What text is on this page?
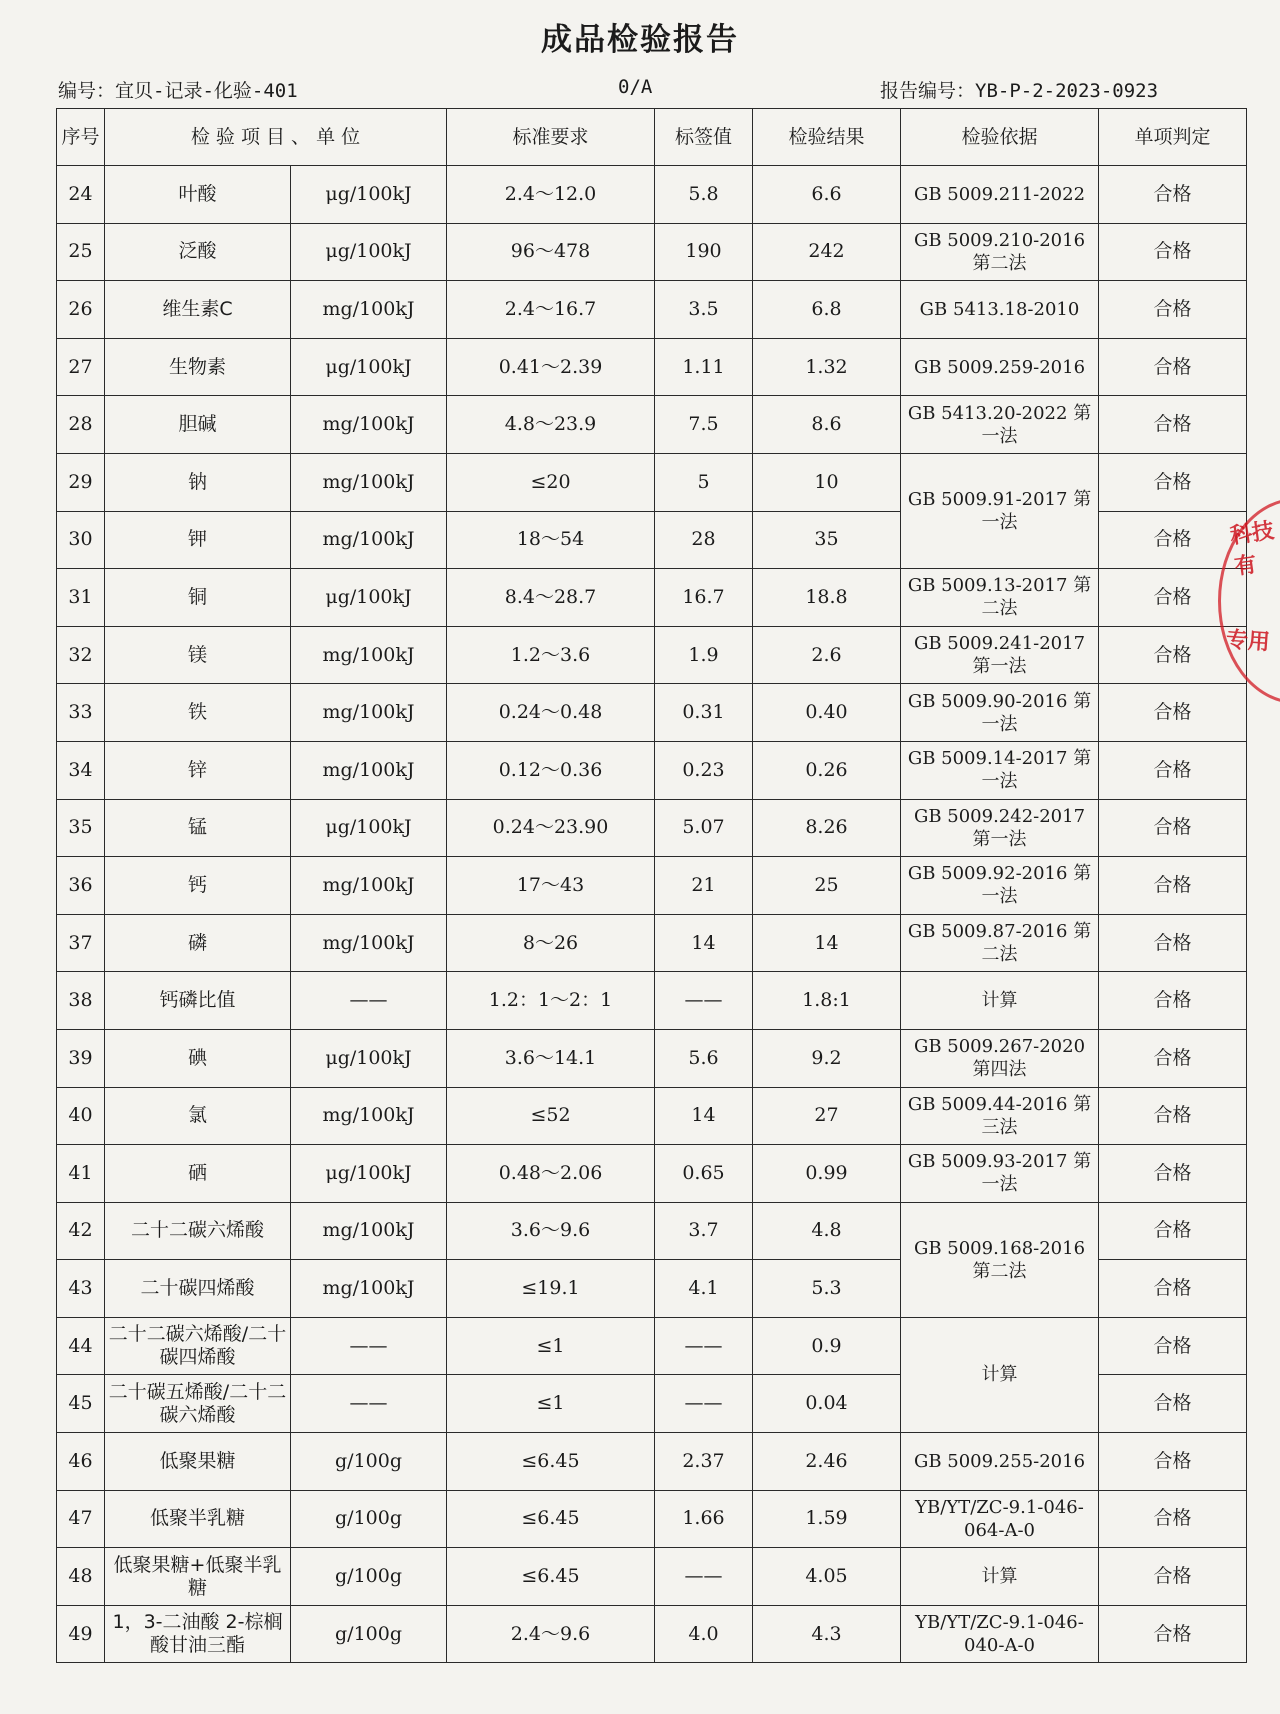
成品检验报告
编号：宜贝-记录-化验-401	0/A	报告编号：YB-P-2-2023-0923
序号	检 验 项 目 、 单 位		标准要求	标签值	检验结果	检验依据	单项判定
24	叶酸	μg/100kJ	2.4～12.0	5.8	6.6	GB 5009.211-2022	合格
25	泛酸	μg/100kJ	96～478	190	242	GB 5009.210-2016 第二法	合格
26	维生素C	mg/100kJ	2.4～16.7	3.5	6.8	GB 5413.18-2010	合格
27	生物素	μg/100kJ	0.41～2.39	1.11	1.32	GB 5009.259-2016	合格
28	胆碱	mg/100kJ	4.8～23.9	7.5	8.6	GB 5413.20-2022 第一法	合格
29	钠	mg/100kJ	≤20	5	10	GB 5009.91-2017 第一法	合格
30	钾	mg/100kJ	18～54	28	35		合格
31	铜	μg/100kJ	8.4～28.7	16.7	18.8	GB 5009.13-2017 第二法	合格
32	镁	mg/100kJ	1.2～3.6	1.9	2.6	GB 5009.241-2017 第一法	合格
33	铁	mg/100kJ	0.24～0.48	0.31	0.40	GB 5009.90-2016 第一法	合格
34	锌	mg/100kJ	0.12～0.36	0.23	0.26	GB 5009.14-2017 第一法	合格
35	锰	μg/100kJ	0.24～23.90	5.07	8.26	GB 5009.242-2017 第一法	合格
36	钙	mg/100kJ	17～43	21	25	GB 5009.92-2016 第一法	合格
37	磷	mg/100kJ	8～26	14	14	GB 5009.87-2016 第二法	合格
38	钙磷比值	——	1.2：1～2：1	——	1.8:1	计算	合格
39	碘	μg/100kJ	3.6～14.1	5.6	9.2	GB 5009.267-2020 第四法	合格
40	氯	mg/100kJ	≤52	14	27	GB 5009.44-2016 第三法	合格
41	硒	μg/100kJ	0.48～2.06	0.65	0.99	GB 5009.93-2017 第一法	合格
42	二十二碳六烯酸	mg/100kJ	3.6～9.6	3.7	4.8	GB 5009.168-2016 第二法	合格
43	二十碳四烯酸	mg/100kJ	≤19.1	4.1	5.3		合格
44	二十二碳六烯酸/二十碳四烯酸	——	≤1	——	0.9	计算	合格
45	二十碳五烯酸/二十二碳六烯酸	——	≤1	——	0.04		合格
46	低聚果糖	g/100g	≤6.45	2.37	2.46	GB 5009.255-2016	合格
47	低聚半乳糖	g/100g	≤6.45	1.66	1.59	YB/YT/ZC-9.1-046-064-A-0	合格
48	低聚果糖+低聚半乳糖	g/100g	≤6.45	——	4.05	计算	合格
49	1，3-二油酸 2-棕榈酸甘油三酯	g/100g	2.4～9.6	4.0	4.3	YB/YT/ZC-9.1-046-040-A-0	合格
科技有
专用
